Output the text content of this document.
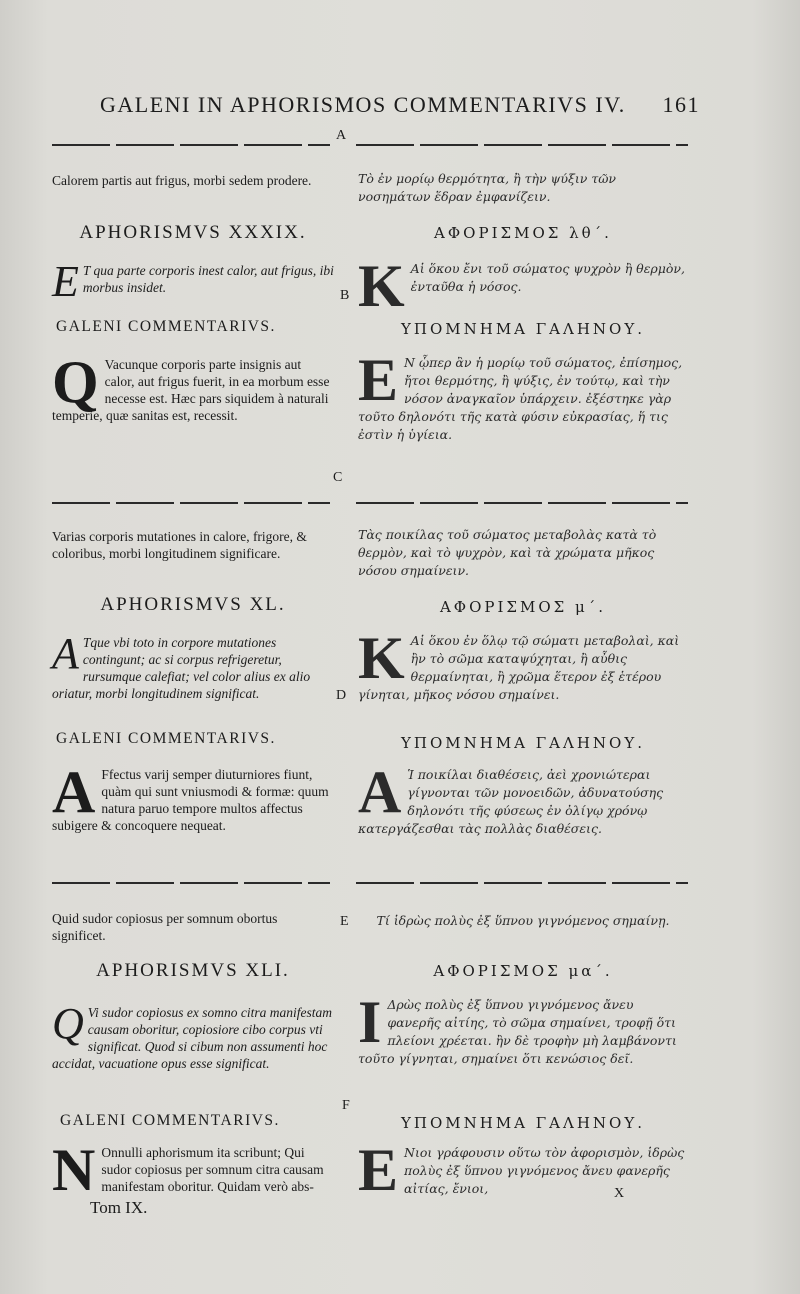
GALENI IN APHORISMOS COMMENTARIVS IV. 161
A
Calorem partis aut frigus, morbi sedem prodere.	Τὸ ἐν μορίῳ θερμότητα, ἢ τὴν ψύξιν τῶν νοσημάτων ἕδραν ἐμφανίζειν.
APHORISMVS XXXIX.	ΑΦΟΡΙΣΜΟΣ λθ΄.
E T qua parte corporis inest calor, aut frigus, ibi morbus insidet.
B K Αἱ ὅκου ἔνι τοῦ σώματος ψυχρὸν ἢ θερμὸν, ἐνταῦθα ἡ νόσος.
GALENI COMMENTARIVS.	ΥΠΟΜΝΗΜΑ ΓΑΛΗΝΟΥ.
Q Vacunque corporis parte insignis aut calor, aut frigus fuerit, in ea morbum esse necesse est. Hæc pars siquidem à naturali temperie, quæ sanitas est, recessit.
E Ν ᾧπερ ἂν ἡ μορίῳ τοῦ σώματος, ἐπίσημος, ἤτοι θερμότης, ἢ ψύξις, ἐν τούτῳ, καὶ τὴν νόσον ἀναγκαῖον ὑπάρχειν. ἐξέστηκε γὰρ τοῦτο δηλονότι τῆς κατὰ φύσιν εὐκρασίας, ἥ τις ἐστὶν ἡ ὑγίεια.
C
Varias corporis mutationes in calore, frigore, & coloribus, morbi longitudinem significare.
Τὰς ποικίλας τοῦ σώματος μεταβολὰς κατὰ τὸ θερμὸν, καὶ τὸ ψυχρὸν, καὶ τὰ χρώματα μῆκος νόσου σημαίνειν.
APHORISMVS XL.	ΑΦΟΡΙΣΜΟΣ μ΄.
A Tque vbi toto in corpore mutationes contingunt; ac si corpus refrigeretur, rursumque calefiat; vel color alius ex alio oriatur, morbi longitudinem significat.	D
K Αἱ ὅκου ἐν ὅλῳ τῷ σώματι μεταβολαὶ, καὶ ἢν τὸ σῶμα καταψύχηται, ἢ αὖθις θερμαίνηται, ἢ χρῶμα ἕτερον ἐξ ἑτέρου γίνηται, μῆκος νόσου σημαίνει.
GALENI COMMENTARIVS.	ΥΠΟΜΝΗΜΑ ΓΑΛΗΝΟΥ.
A Ffectus varij semper diuturniores fiunt, quàm qui sunt vniusmodi & formæ: quum natura paruo tempore multos affectus subigere & concoquere nequeat.
A Ἱ ποικίλαι διαθέσεις, ἀεὶ χρονιώτεραι γίγνονται τῶν μονοειδῶν, ἀδυνατούσης δηλονότι τῆς φύσεως ἐν ὀλίγῳ χρόνῳ κατεργάζεσθαι τὰς πολλὰς διαθέσεις.
Quid sudor copiosus per somnum obortus significet.
E	Τί ἱδρὼς πολὺς ἐξ ὕπνου γιγνόμενος σημαίνῃ.
APHORISMVS XLI.	ΑΦΟΡΙΣΜΟΣ μα΄.
Q Vi sudor copiosus ex somno citra manifestam causam oboritur, copiosiore cibo corpus vti significat. Quod si cibum non assumenti hoc accidat, vacuatione opus esse significat.
I Δρὼς πολὺς ἐξ ὕπνου γιγνόμενος ἄνευ φανερῆς αἰτίης, τὸ σῶμα σημαίνει, τροφῇ ὅτι πλείονι χρέεται. ἢν δὲ τροφὴν μὴ λαμβάνοντι τοῦτο γίγνηται, σημαίνει ὅτι κενώσιος δεῖ.
F
GALENI COMMENTARIVS.	ΥΠΟΜΝΗΜΑ ΓΑΛΗΝΟΥ.
N Onnulli aphorismum ita scribunt; Qui sudor copiosus per somnum citra causam manifestam oboritur. Quidam verò abs- E Νιοι γράφουσιν οὕτω τὸν ἀφορισμὸν, ἱδρὼς πολὺς ἐξ ὕπνου γιγνόμενος ἄνευ φανερῆς αἰτίας, ἔνιοι,
Tom IX.
X
